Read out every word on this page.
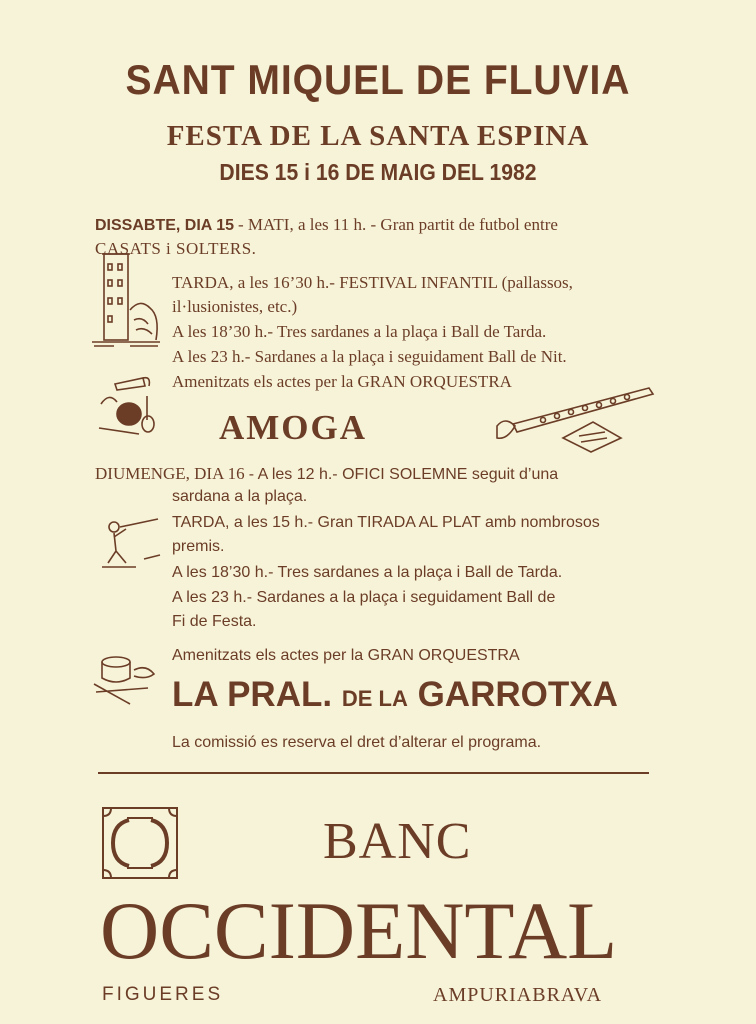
SANT MIQUEL DE FLUVIA
FESTA DE LA SANTA ESPINA
DIES 15 i 16 DE MAIG DEL 1982
DISSABTE, DIA 15 - MATI, a les 11 h. - Gran partit de futbol entre
CASATS i SOLTERS.
TARDA, a les 16’30 h.- FESTIVAL INFANTIL (pallassos,
il·lusionistes, etc.)
A les 18’30 h.- Tres sardanes a la plaça i Ball de Tarda.
A les 23 h.- Sardanes a la plaça i seguidament Ball de Nit.
Amenitzats els actes per la GRAN ORQUESTRA
AMOGA
DIUMENGE, DIA 16 - A les 12 h.- OFICI SOLEMNE seguit d’una
sardana a la plaça.
TARDA, a les 15 h.- Gran TIRADA AL PLAT amb nombrosos
premis.
A les 18’30 h.- Tres sardanes a la plaça i Ball de Tarda.
A les 23 h.- Sardanes a la plaça i seguidament Ball de
Fi de Festa.
Amenitzats els actes per la GRAN ORQUESTRA
LA PRAL. DE LA GARROTXA
La comissió es reserva el dret d’alterar el programa.
BANC
OCCIDENTAL
FIGUERES	AMPURIABRAVA
